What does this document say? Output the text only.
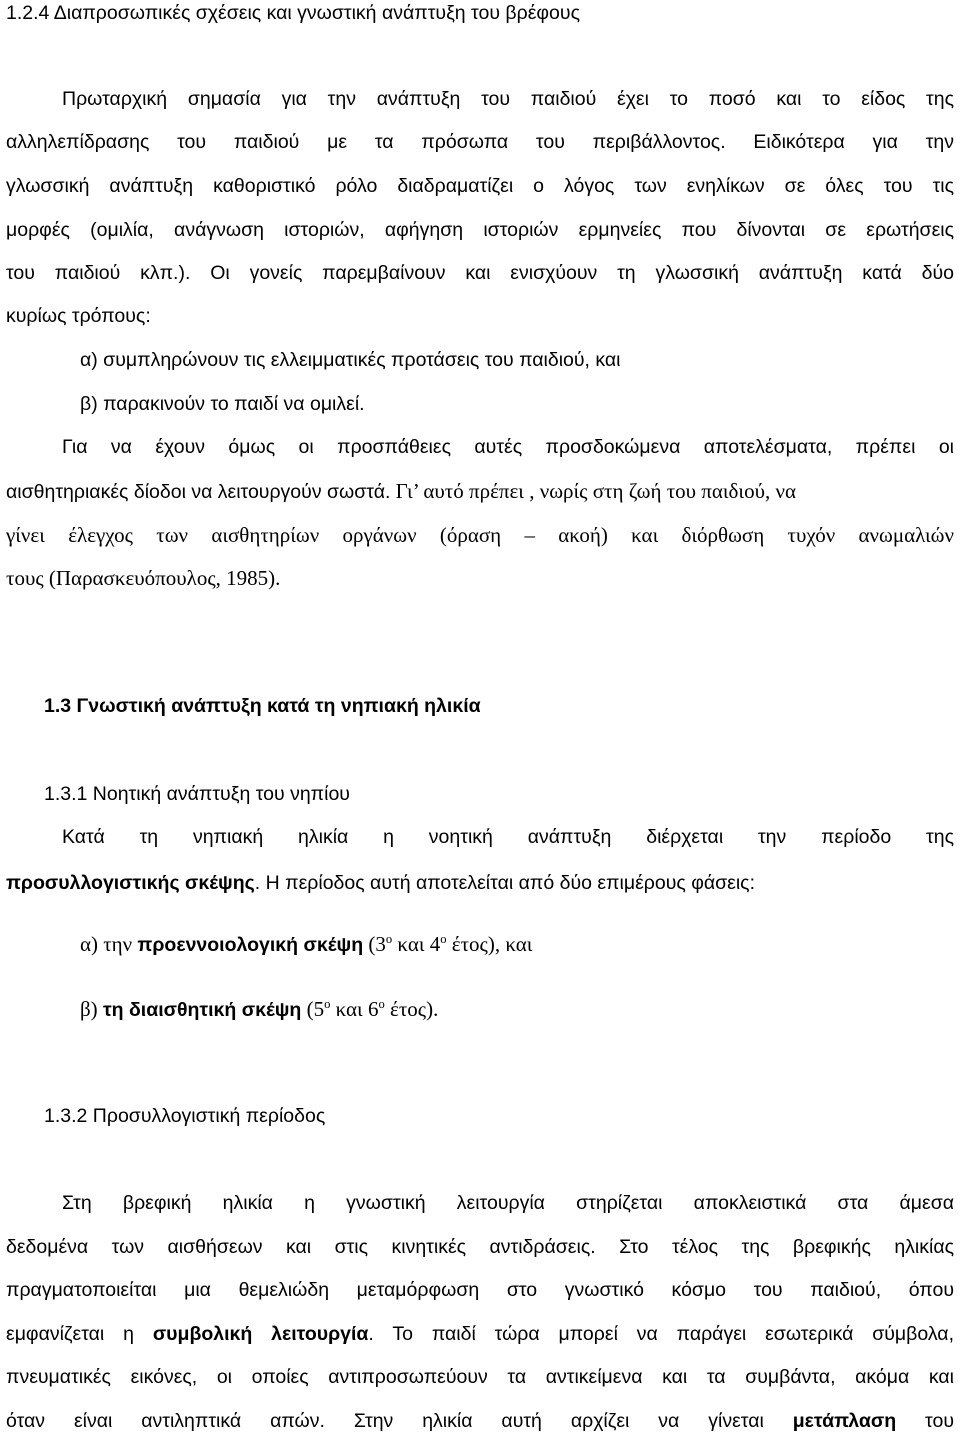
1.2.4 Διαπροσωπικές σχέσεις και γνωστική ανάπτυξη του βρέφους
Πρωταρχική σημασία για την ανάπτυξη του παιδιού έχει το ποσό και το είδος της
αλληλεπίδρασης του παιδιού με τα πρόσωπα του περιβάλλοντος. Ειδικότερα για την
γλωσσική ανάπτυξη καθοριστικό ρόλο διαδραματίζει ο λόγος των ενηλίκων σε όλες του τις
μορφές (ομιλία, ανάγνωση ιστοριών, αφήγηση ιστοριών ερμηνείες που δίνονται σε ερωτήσεις
του παιδιού κλπ.). Οι γονείς παρεμβαίνουν και ενισχύουν τη γλωσσική ανάπτυξη κατά δύο
κυρίως τρόπους:
α) συμπληρώνουν τις ελλειμματικές προτάσεις του παιδιού, και
β) παρακινούν το παιδί να ομιλεί.
Για να έχουν όμως οι προσπάθειες αυτές προσδοκώμενα αποτελέσματα, πρέπει οι
αισθητηριακές δίοδοι να λειτουργούν σωστά. Γι’ αυτό πρέπει , νωρίς στη ζωή του παιδιού, να
γίνει έλεγχος των αισθητηρίων οργάνων (όραση – ακοή) και διόρθωση τυχόν ανωμαλιών
τους (Παρασκευόπουλος, 1985).
1.3 Γνωστική ανάπτυξη κατά τη νηπιακή ηλικία
1.3.1 Νοητική ανάπτυξη του νηπίου
Κατά τη νηπιακή ηλικία η νοητική ανάπτυξη διέρχεται την περίοδο της
προσυλλογιστικής σκέψης. Η περίοδος αυτή αποτελείται από δύο επιμέρους φάσεις:
α) την προεννοιολογική σκέψη ($3^o$ και $4^o$ έτος), και
β) τη διαισθητική σκέψη ($5^o$ και $6^o$ έτος).
1.3.2 Προσυλλογιστική περίοδος
Στη βρεφική ηλικία η γνωστική λειτουργία στηρίζεται αποκλειστικά στα άμεσα
δεδομένα των αισθήσεων και στις κινητικές αντιδράσεις. Στο τέλος της βρεφικής ηλικίας
πραγματοποιείται μια θεμελιώδη μεταμόρφωση στο γνωστικό κόσμο του παιδιού, όπου
εμφανίζεται η συμβολική λειτουργία. Το παιδί τώρα μπορεί να παράγει εσωτερικά σύμβολα,
πνευματικές εικόνες, οι οποίες αντιπροσωπεύουν τα αντικείμενα και τα συμβάντα, ακόμα και
όταν είναι αντιληπτικά απών. Στην ηλικία αυτή αρχίζει να γίνεται μετάπλαση του
